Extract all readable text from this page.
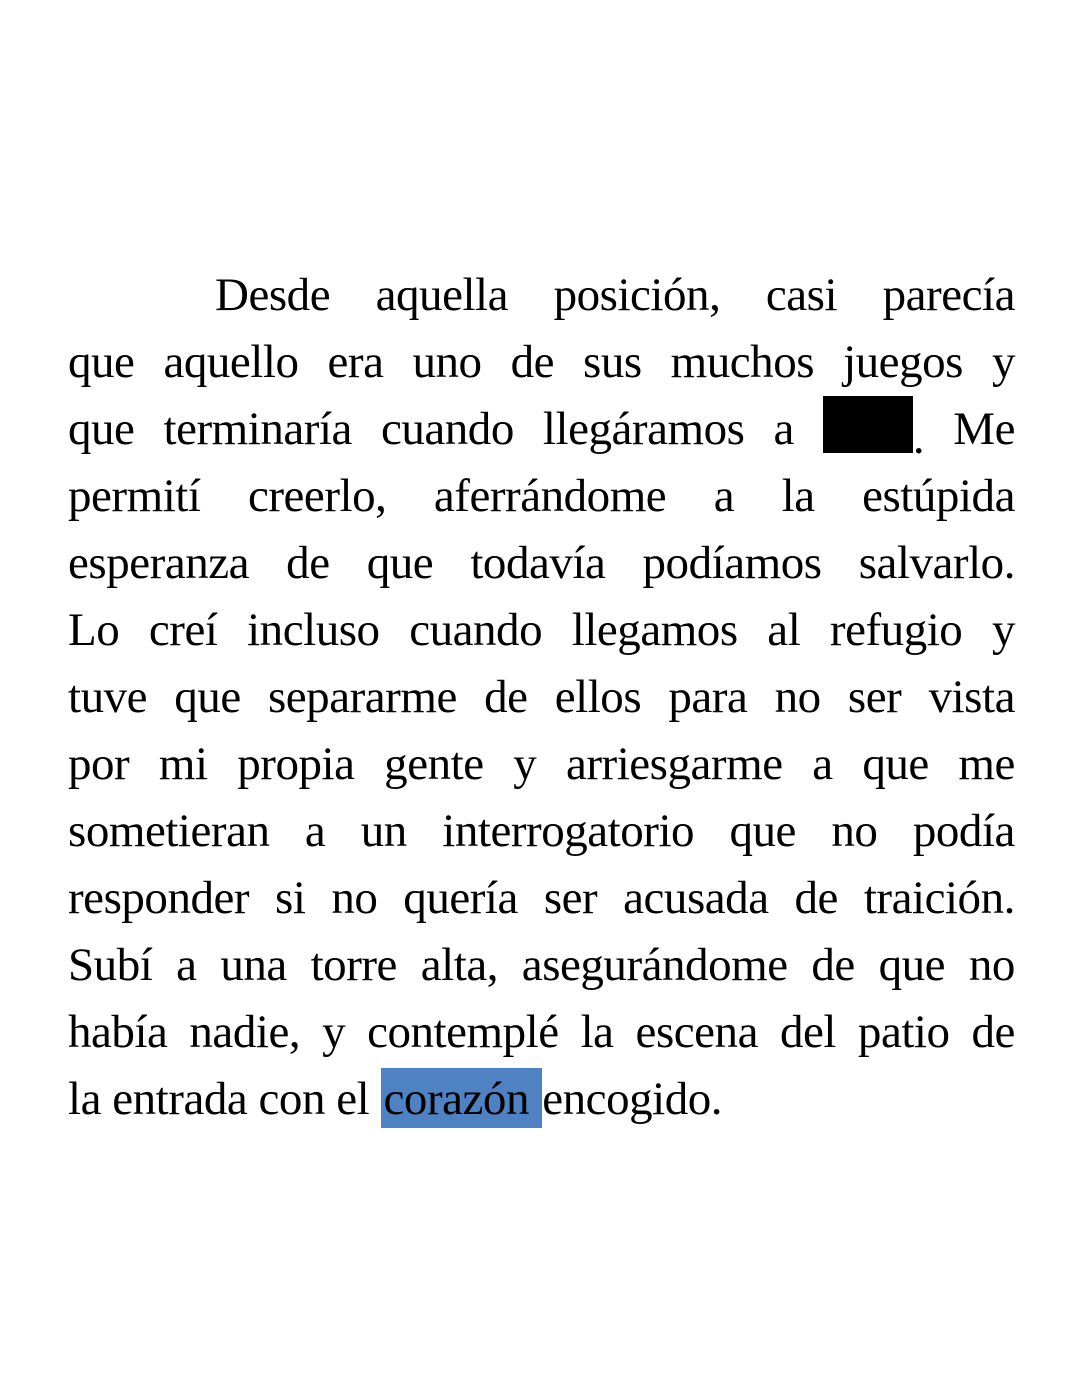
Desde aquella posición, casi parecía
que aquello era uno de sus muchos juegos y
que terminaría cuando llegáramos a	. Me
permití creerlo, aferrándome a la estúpida
esperanza de que todavía podíamos salvarlo.
Lo creí incluso cuando llegamos al refugio y
tuve que separarme de ellos para no ser vista
por mi propia gente y arriesgarme a que me
sometieran a un interrogatorio que no podía
responder si no quería ser acusada de traición.
Subí a una torre alta, asegurándome de que no
había nadie, y contemplé la escena del patio de
la entrada con el corazón encogido.
